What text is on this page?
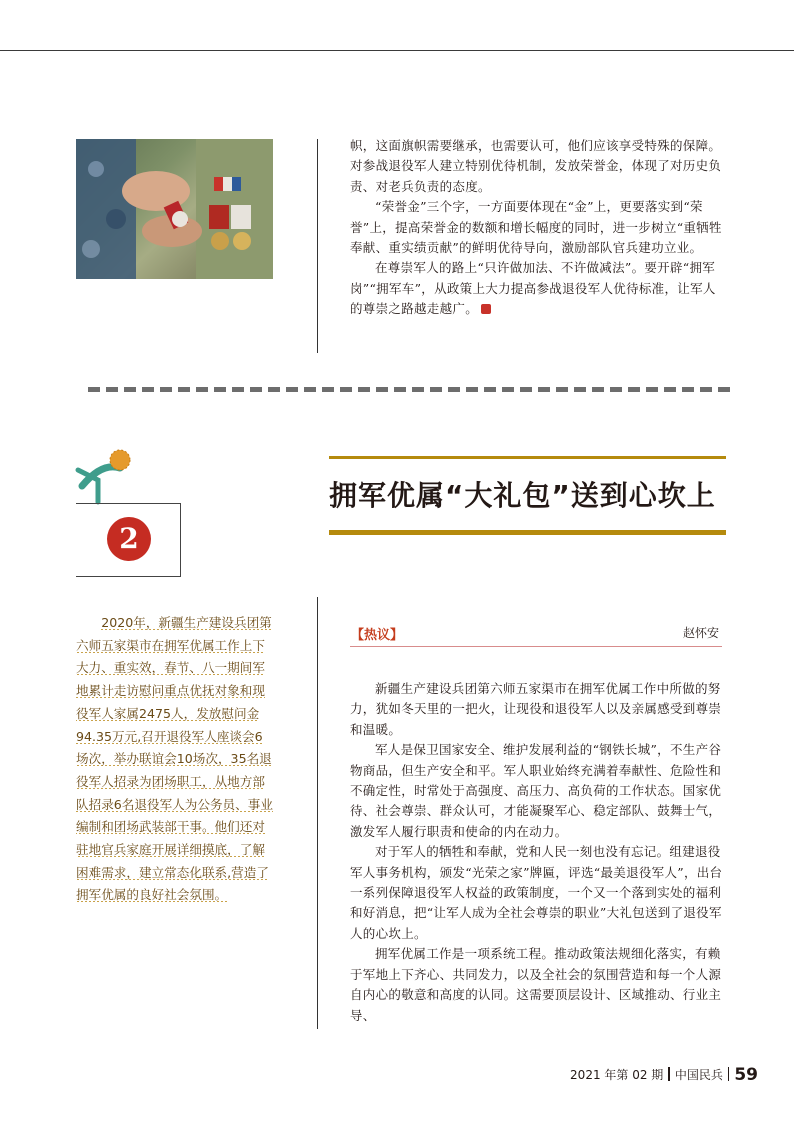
帜，这面旗帜需要继承，也需要认可，他们应该享受特殊的保障。对参战退役军人建立特别优待机制，发放荣誉金，体现了对历史负责、对老兵负责的态度。

“荣誉金”三个字，一方面要体现在“金”上，更要落实到“荣誉”上，提高荣誉金的数额和增长幅度的同时，进一步树立“重牺牲奉献、重实绩贡献”的鲜明优待导向，激励部队官兵建功立业。

在尊崇军人的路上“只许做加法、不许做减法”。要开辟“拥军岗”“拥军车”，从政策上大力提高参战退役军人优待标准，让军人的尊崇之路越走越广。

2
拥军优属“大礼包”送到心坎上

2020年，新疆生产建设兵团第六师五家渠市在拥军优属工作上下大力、重实效，春节、八一期间军地累计走访慰问重点优抚对象和现役军人家属2475人，发放慰问金94.35万元,召开退役军人座谈会6场次，举办联谊会10场次，35名退役军人招录为团场职工，从地方部队招录6名退役军人为公务员、事业编制和团场武装部干事。他们还对驻地官兵家庭开展详细摸底，了解困难需求，建立常态化联系,营造了拥军优属的良好社会氛围。

【热议】	赵怀安

新疆生产建设兵团第六师五家渠市在拥军优属工作中所做的努力，犹如冬天里的一把火，让现役和退役军人以及亲属感受到尊崇和温暖。

军人是保卫国家安全、维护发展利益的“钢铁长城”，不生产谷物商品，但生产安全和平。军人职业始终充满着奉献性、危险性和不确定性，时常处于高强度、高压力、高负荷的工作状态。国家优待、社会尊崇、群众认可，才能凝聚军心、稳定部队、鼓舞士气，激发军人履行职责和使命的内在动力。

对于军人的牺牲和奉献，党和人民一刻也没有忘记。组建退役军人事务机构，颁发“光荣之家”牌匾，评选“最美退役军人”，出台一系列保障退役军人权益的政策制度，一个又一个落到实处的福利和好消息，把“让军人成为全社会尊崇的职业”大礼包送到了退役军人的心坎上。

拥军优属工作是一项系统工程。推动政策法规细化落实，有赖于军地上下齐心、共同发力，以及全社会的氛围营造和每一个人源自内心的敬意和高度的认同。这需要顶层设计、区域推动、行业主导、

2021 年第 02 期 中国民兵 59
